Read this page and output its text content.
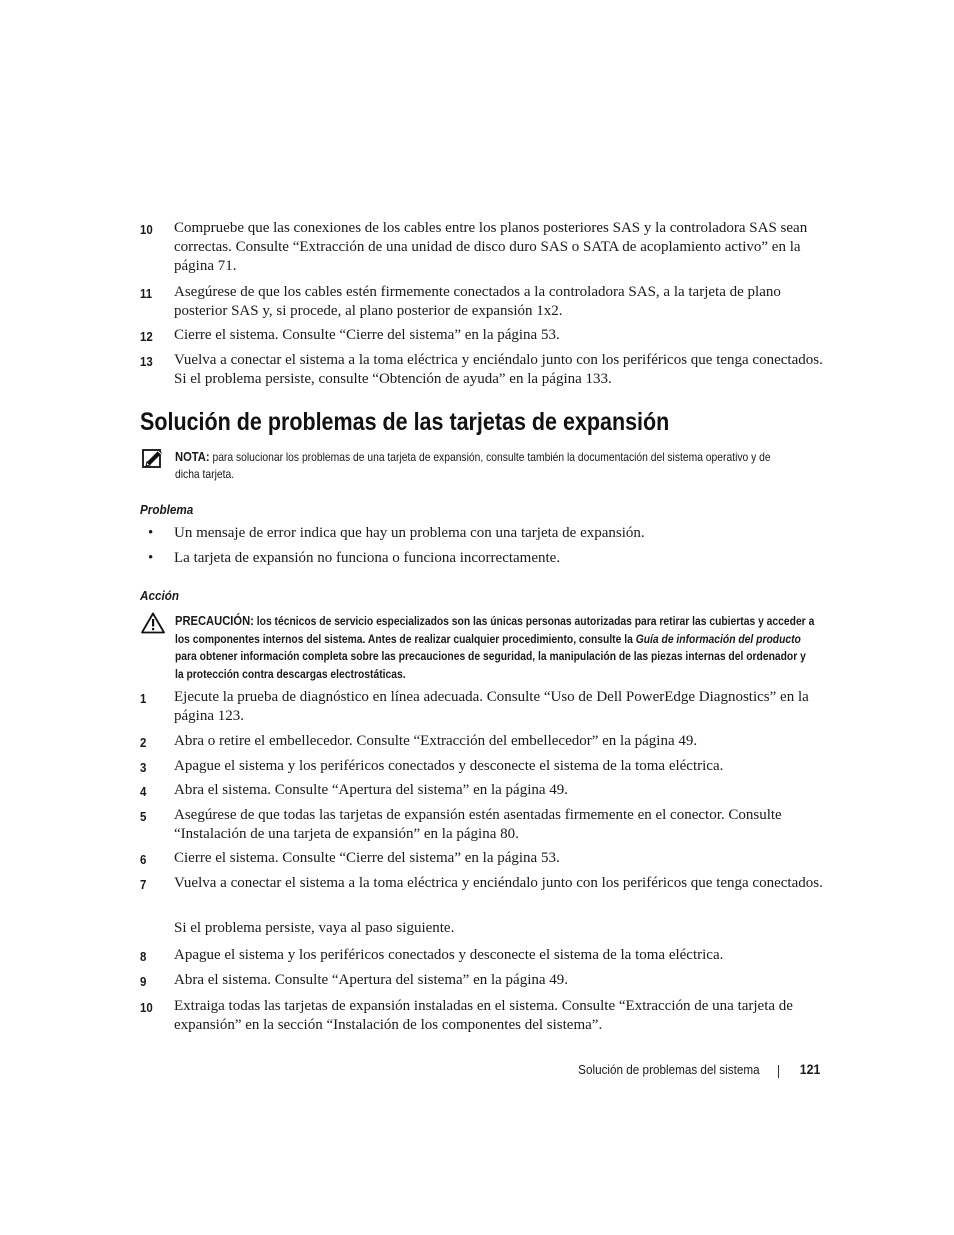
10	Compruebe que las conexiones de los cables entre los planos posteriores SAS y la controladora SAS sean correctas. Consulte “Extracción de una unidad de disco duro SAS o SATA de acoplamiento activo” en la página 71.
11	Asegúrese de que los cables estén firmemente conectados a la controladora SAS, a la tarjeta de plano posterior SAS y, si procede, al plano posterior de expansión 1x2.
12	Cierre el sistema. Consulte “Cierre del sistema” en la página 53.
13	Vuelva a conectar el sistema a la toma eléctrica y enciéndalo junto con los periféricos que tenga conectados. Si el problema persiste, consulte “Obtención de ayuda” en la página 133.
Solución de problemas de las tarjetas de expansión
NOTA: para solucionar los problemas de una tarjeta de expansión, consulte también la documentación del sistema operativo y de dicha tarjeta.
Problema
• Un mensaje de error indica que hay un problema con una tarjeta de expansión.
• La tarjeta de expansión no funciona o funciona incorrectamente.
Acción
PRECAUCIÓN: los técnicos de servicio especializados son las únicas personas autorizadas para retirar las cubiertas y acceder a los componentes internos del sistema. Antes de realizar cualquier procedimiento, consulte la Guía de información del producto para obtener información completa sobre las precauciones de seguridad, la manipulación de las piezas internas del ordenador y la protección contra descargas electrostáticas.
1	Ejecute la prueba de diagnóstico en línea adecuada. Consulte “Uso de Dell PowerEdge Diagnostics” en la página 123.
2	Abra o retire el embellecedor. Consulte “Extracción del embellecedor” en la página 49.
3	Apague el sistema y los periféricos conectados y desconecte el sistema de la toma eléctrica.
4	Abra el sistema. Consulte “Apertura del sistema” en la página 49.
5	Asegúrese de que todas las tarjetas de expansión estén asentadas firmemente en el conector. Consulte “Instalación de una tarjeta de expansión” en la página 80.
6	Cierre el sistema. Consulte “Cierre del sistema” en la página 53.
7	Vuelva a conectar el sistema a la toma eléctrica y enciéndalo junto con los periféricos que tenga conectados.
Si el problema persiste, vaya al paso siguiente.
8	Apague el sistema y los periféricos conectados y desconecte el sistema de la toma eléctrica.
9	Abra el sistema. Consulte “Apertura del sistema” en la página 49.
10	Extraiga todas las tarjetas de expansión instaladas en el sistema. Consulte “Extracción de una tarjeta de expansión” en la sección “Instalación de los componentes del sistema”.
Solución de problemas del sistema	121
